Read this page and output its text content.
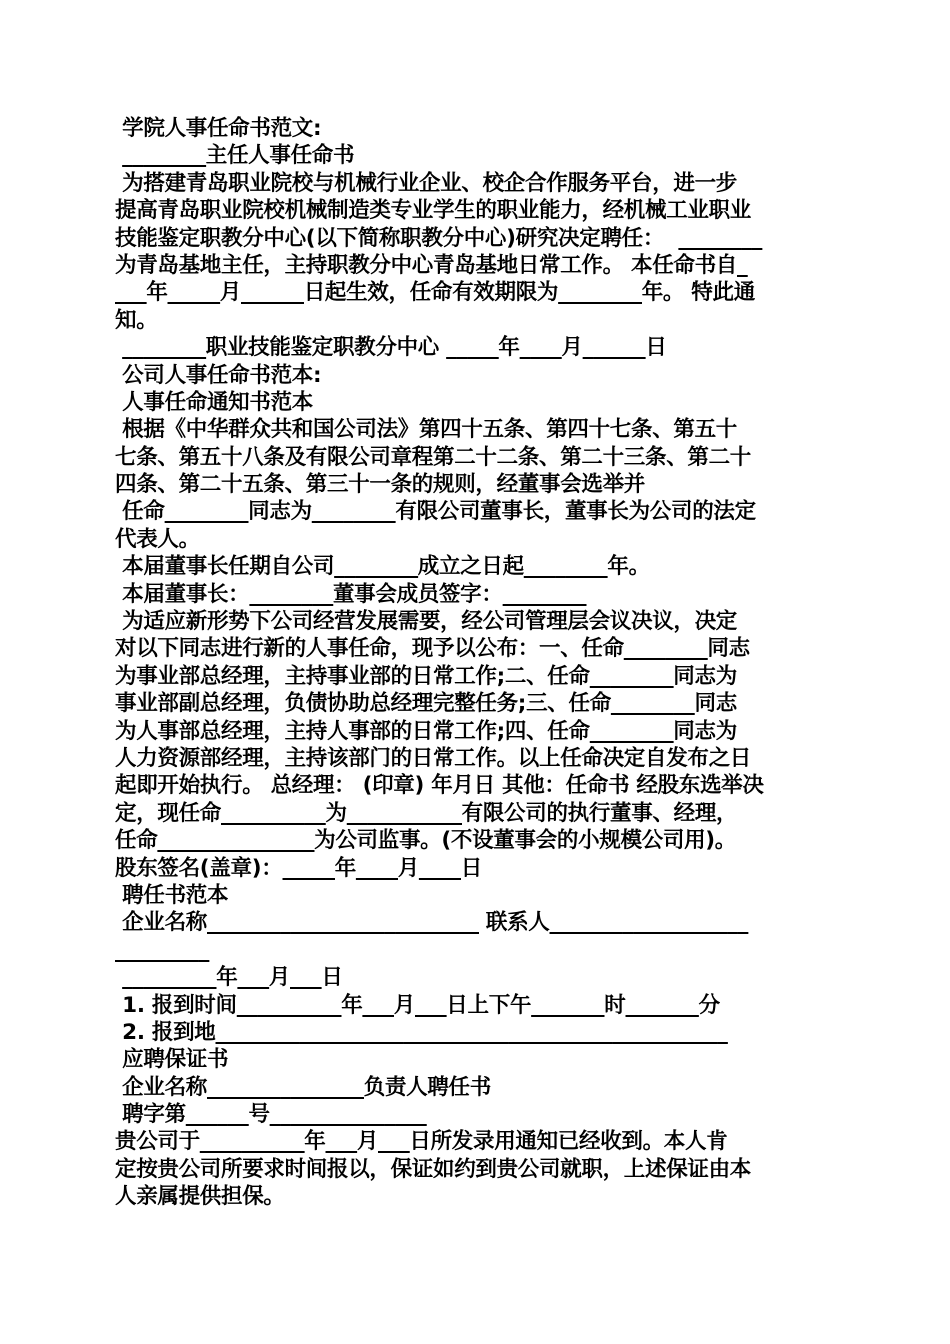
学院人事任命书范文:
________主任人事任命书
为搭建青岛职业院校与机械行业企业、校企合作服务平台，进一步
提高青岛职业院校机械制造类专业学生的职业能力，经机械工业职业
技能鉴定职教分中心(以下简称职教分中心)研究决定聘任：  ________
为青岛基地主任，主持职教分中心青岛基地日常工作。 本任命书自_
___年_____月______日起生效，任命有效期限为________年。 特此通
知。
________职业技能鉴定职教分中心 _____年____月______日
公司人事任命书范本:
人事任命通知书范本
根据《中华群众共和国公司法》第四十五条、第四十七条、第五十
七条、第五十八条及有限公司章程第二十二条、第二十三条、第二十
四条、第二十五条、第三十一条的规则，经董事会选举并
任命________同志为________有限公司董事长，董事长为公司的法定
代表人。
本届董事长任期自公司________成立之日起________年。
本届董事长：________董事会成员签字：________
为适应新形势下公司经营发展需要，经公司管理层会议决议，决定
对以下同志进行新的人事任命，现予以公布：一、任命________同志
为事业部总经理，主持事业部的日常工作;二、任命________同志为
事业部副总经理，负债协助总经理完整任务;三、任命________同志
为人事部总经理，主持人事部的日常工作;四、任命________同志为
人力资源部经理，主持该部门的日常工作。以上任命决定自发布之日
起即开始执行。 总经理： (印章) 年月日 其他：任命书 经股东选举决
定，现任命__________为___________有限公司的执行董事、经理，
任命_______________为公司监事。(不设董事会的小规模公司用)。
股东签名(盖章)：_____年____月____日
聘任书范本
企业名称__________________________ 联系人___________________
_________
_________年___月___日
1. 报到时间__________年___月___日上下午_______时_______分
2. 报到地_________________________________________________
应聘保证书
企业名称_______________负责人聘任书
聘字第______号_______________
贵公司于__________年___月___日所发录用通知已经收到。本人肯
定按贵公司所要求时间报以，保证如约到贵公司就职，上述保证由本
人亲属提供担保。
